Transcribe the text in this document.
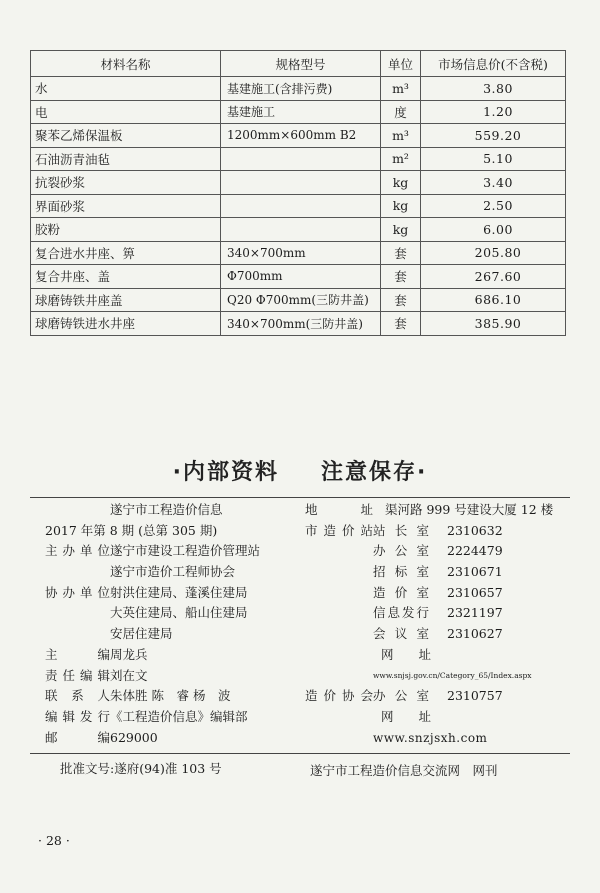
材料名称	规格型号	单位	市场信息价(不含税)
水	基建施工(含排污费)	m³	3.80
电	基建施工	度	1.20
聚苯乙烯保温板	1200mm×600mm B2	m³	559.20
石油沥青油毡		m²	5.10
抗裂砂浆		kg	3.40
界面砂浆		kg	2.50
胶粉		kg	6.00
复合进水井座、箅	340×700mm	套	205.80
复合井座、盖	Φ700mm	套	267.60
球磨铸铁井座盖	Q20 Φ700mm(三防井盖)	套	686.10
球磨铸铁进水井座	340×700mm(三防井盖)	套	385.90
·内部资料 注意保存·
遂宁市工程造价信息
2017 年第 8 期 (总第 305 期)
主办单位遂宁市建设工程造价管理站
遂宁市造价工程师协会
协办单位射洪住建局、蓬溪住建局
大英住建局、船山住建局
安居住建局
主　　编周龙兵
责任编辑刘在文
联 系 人朱体胜 陈　睿 杨　波
编辑发行《工程造价信息》编辑部
邮　　编629000
地　　址 渠河路 999 号建设大厦 12 楼
市造价站站长室 2310632
办公室 2224479
招标室 2310671
造价室 2310657
信息发行 2321197
会议室 2310627
网　　址
www.snjsj.gov.cn/Category_65/Index.aspx
造价协会办公室 2310757
网　　址
www.snzjsxh.com
批准文号:遂府(94)准 103 号	遂宁市工程造价信息交流网　网刊
· 28 ·
